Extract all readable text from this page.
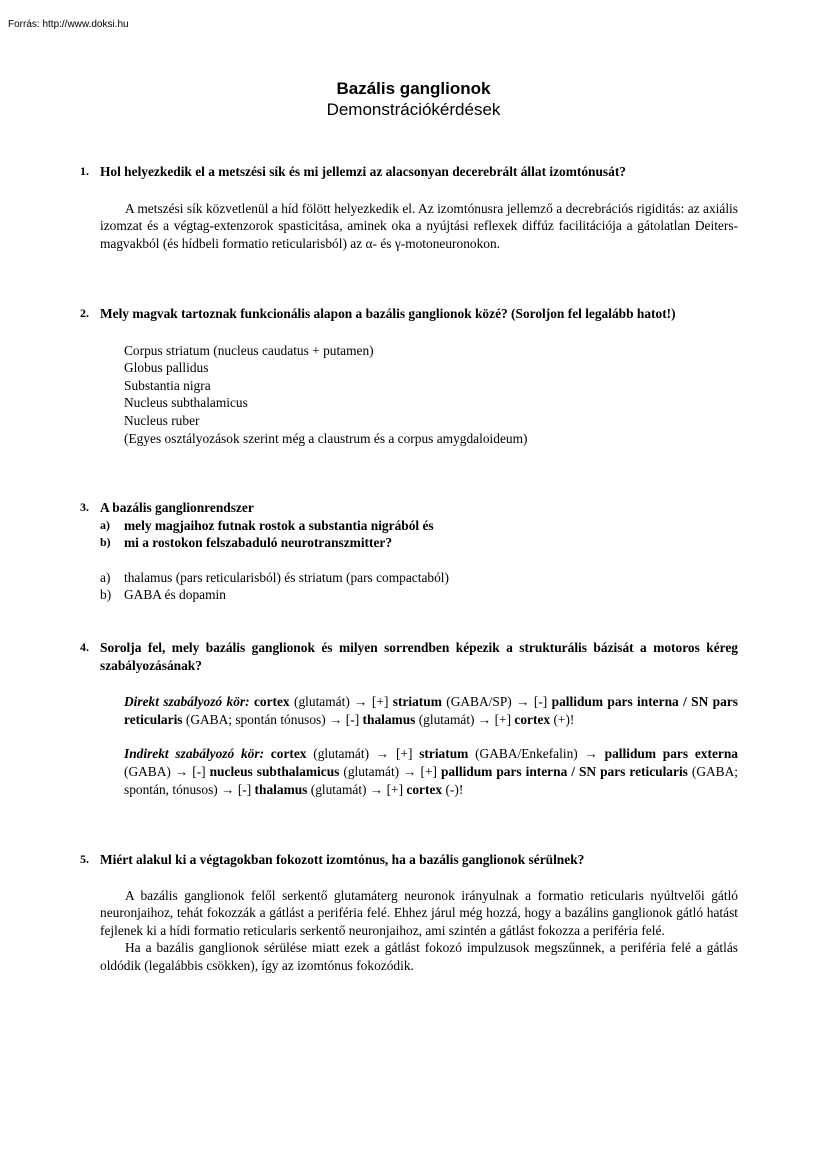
Forrás: http://www.doksi.hu
Bazális ganglionok
Demonstrációkérdések
1. Hol helyezkedik el a metszési sík és mi jellemzi az alacsonyan decerebrált állat izomtónusát?
A metszési sík közvetlenül a híd fölött helyezkedik el. Az izomtónusra jellemző a decrebrációs rigiditás: az axiális izomzat és a végtag-extenzorok spasticitása, aminek oka a nyújtási reflexek diffúz facilitációja a gátolatlan Deiters-magvakból (és hídbeli formatio reticularisból) az α- és γ-motoneuronokon.
2. Mely magvak tartoznak funkcionális alapon a bazális ganglionok közé? (Soroljon fel legalább hatot!)
Corpus striatum (nucleus caudatus + putamen)
Globus pallidus
Substantia nigra
Nucleus subthalamicus
Nucleus ruber
(Egyes osztályozások szerint még a claustrum és a corpus amygdaloideum)
3. A bazális ganglionrendszer
a)	mely magjaihoz futnak rostok a substantia nigrából és
b) mi a rostokon felszabaduló neurotranszmitter?
a)	thalamus (pars reticularisból) és striatum (pars compactaból)
b) GABA és dopamin
4. Sorolja fel, mely bazális ganglionok és milyen sorrendben képezik a strukturális bázisát a motoros kéreg szabályozásának?
Direkt szabályozó kör: cortex (glutamát) → [+] striatum (GABA/SP) → [-] pallidum pars interna / SN pars reticularis (GABA; spontán tónusos) → [-] thalamus (glutamát) → [+] cortex (+)!
Indirekt szabályozó kör: cortex (glutamát) → [+] striatum (GABA/Enkefalin) → pallidum pars externa (GABA) → [-] nucleus subthalamicus (glutamát) → [+] pallidum pars interna / SN pars reticularis (GABA; spontán, tónusos) → [-] thalamus (glutamát) → [+] cortex (-)!
5. Miért alakul ki a végtagokban fokozott izomtónus, ha a bazális ganglionok sérülnek?
A bazális ganglionok felől serkentő glutamáterg neuronok irányulnak a formatio reticularis nyúltvelői gátló neuronjaihoz, tehát fokozzák a gátlást a periféria felé. Ehhez járul még hozzá, hogy a bazálins ganglionok gátló hatást fejlenek ki a hídi formatio reticularis serkentő neuronjaihoz, ami szintén a gátlást fokozza a periféria felé.
Ha a bazális ganglionok sérülése miatt ezek a gátlást fokozó impulzusok megszűnnek, a periféria felé a gátlás oldódik (legalábbis csökken), így az izomtónus fokozódik.
